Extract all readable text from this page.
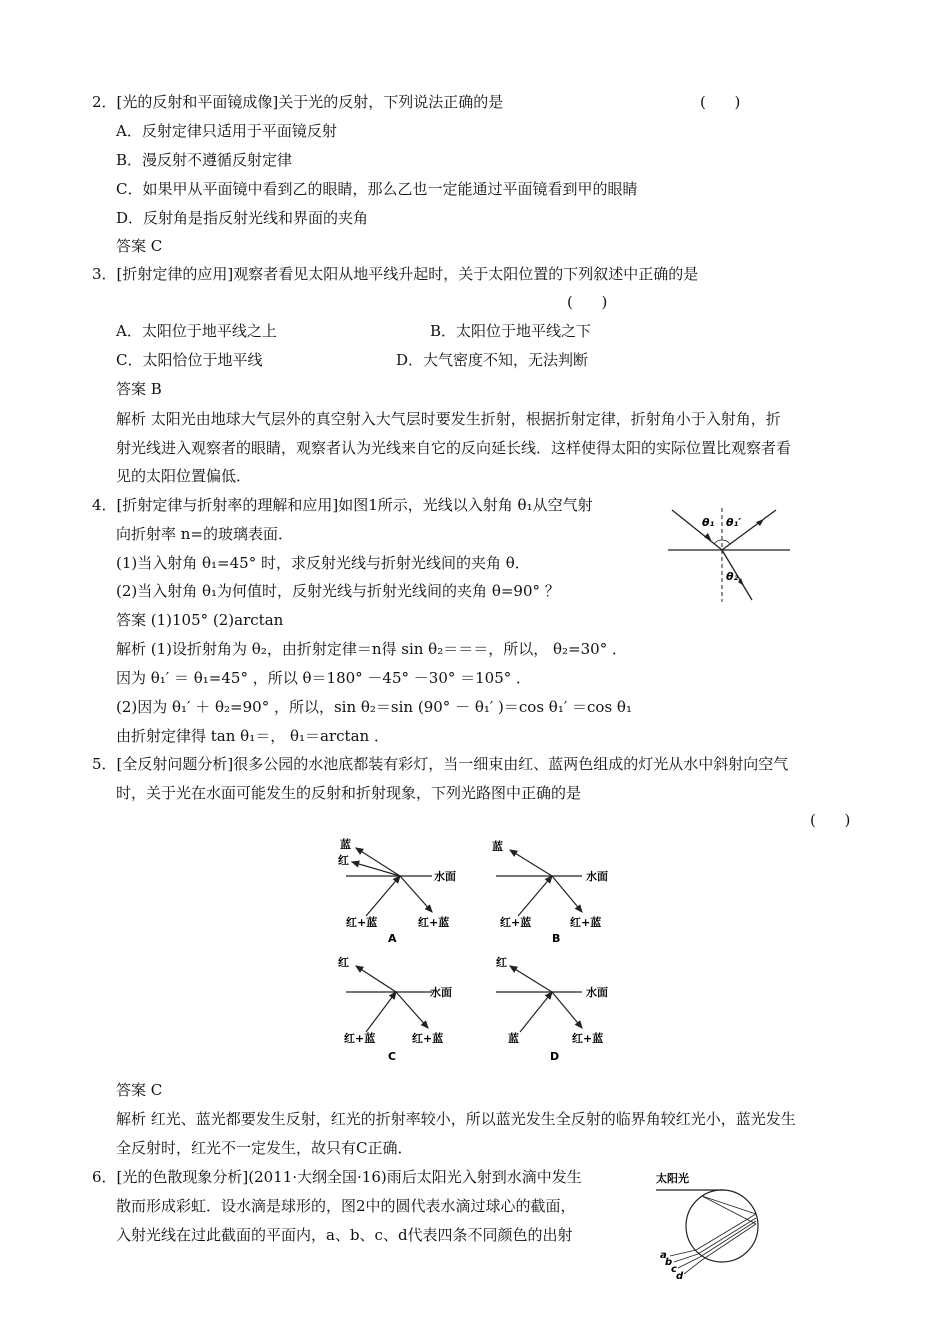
2．[光的反射和平面镜成像]关于光的反射，下列说法正确的是	(      )
A．反射定律只适用于平面镜反射
B．漫反射不遵循反射定律
C．如果甲从平面镜中看到乙的眼睛，那么乙也一定能通过平面镜看到甲的眼睛
D．反射角是指反射光线和界面的夹角
答案 C
3．[折射定律的应用]观察者看见太阳从地平线升起时，关于太阳位置的下列叙述中正确的是
(      )
A．太阳位于地平线之上	B．太阳位于地平线之下
C．太阳恰位于地平线	D．大气密度不知，无法判断
答案 B
解析 太阳光由地球大气层外的真空射入大气层时要发生折射，根据折射定律，折射角小于入射角，折
射光线进入观察者的眼睛，观察者认为光线来自它的反向延长线．这样使得太阳的实际位置比观察者看
见的太阳位置偏低．
4．[折射定律与折射率的理解和应用]如图1所示，光线以入射角 θ₁从空气射
向折射率 n=的玻璃表面．
(1)当入射角 θ₁=45° 时，求反射光线与折射光线间的夹角 θ．
(2)当入射角 θ₁为何值时，反射光线与折射光线间的夹角 θ=90° ？
答案 (1)105° (2)arctan
解析 (1)设折射角为 θ₂，由折射定律＝n得 sin θ₂＝＝＝，所以， θ₂=30° ．
因为 θ₁′ ＝ θ₁=45° ，所以 θ＝180° －45° －30° ＝105° ．
(2)因为 θ₁′ ＋ θ₂=90° ，所以，sin θ₂＝sin (90° － θ₁′ )＝cos θ₁′ ＝cos θ₁
由折射定律得 tan θ₁＝， θ₁＝arctan ．
θ₁ θ₁′
θ₂
5．[全反射问题分析]很多公园的水池底都装有彩灯，当一细束由红、蓝两色组成的灯光从水中斜射向空气
时，关于光在水面可能发生的反射和折射现象，下列光路图中正确的是
(      )
蓝
红
水面
红+蓝	红+蓝
A
蓝
水面
红+蓝	红+蓝
B
红
水面
红+蓝	红+蓝
C
红
水面
蓝	红+蓝
D
答案 C
解析 红光、蓝光都要发生反射，红光的折射率较小，所以蓝光发生全反射的临界角较红光小，蓝光发生
全反射时，红光不一定发生，故只有C正确．
6．[光的色散现象分析](2011·大纲全国·16)雨后太阳光入射到水滴中发生
散而形成彩虹．设水滴是球形的，图2中的圆代表水滴过球心的截面，
入射光线在过此截面的平面内，a、b、c、d代表四条不同颜色的出射
太阳光
a
b
c
d
